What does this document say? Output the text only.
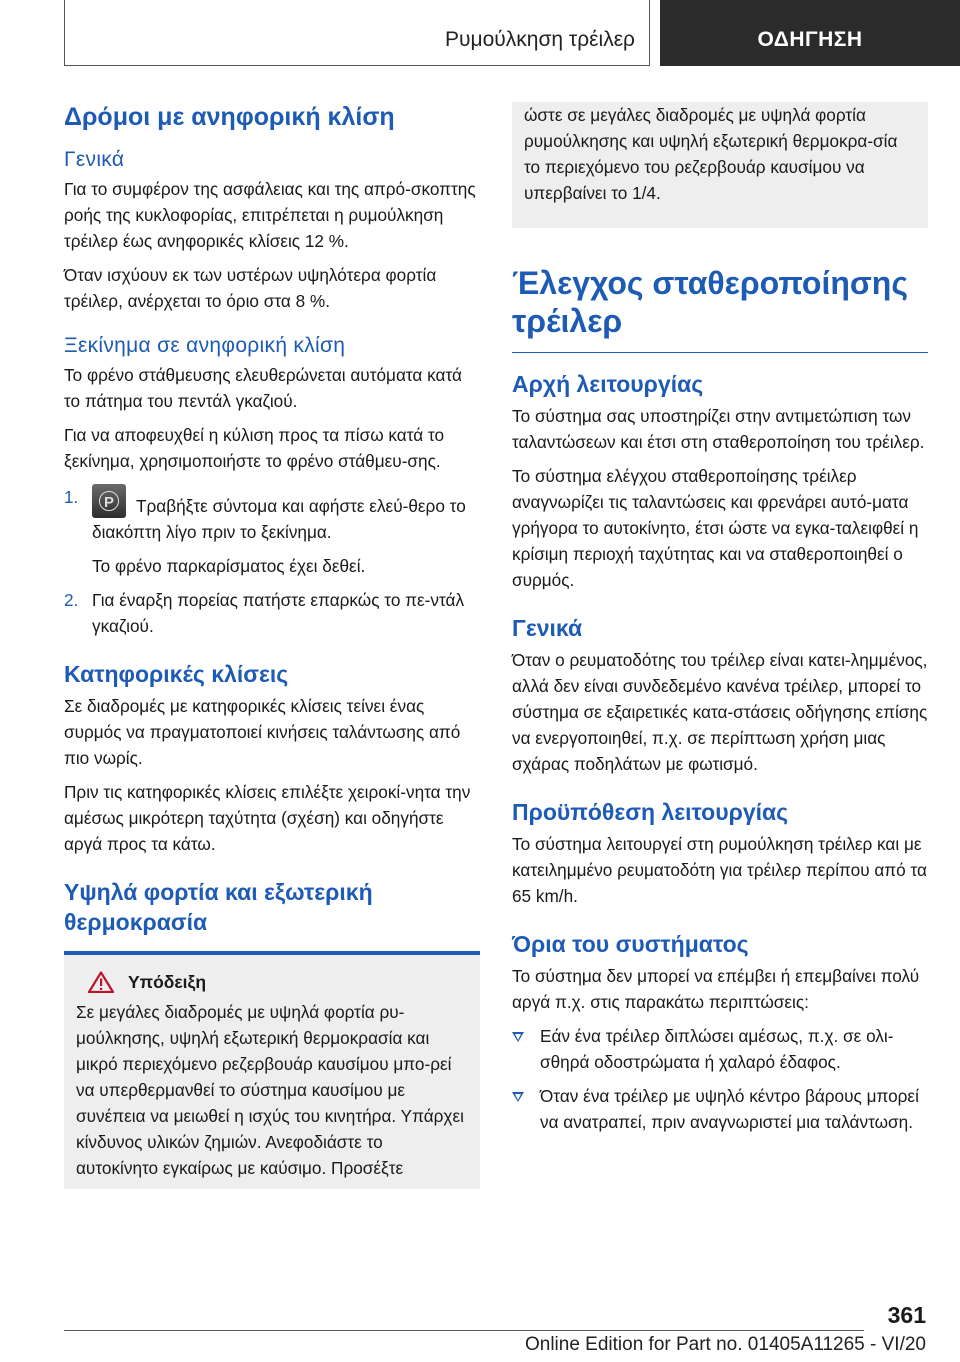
Ρυμούλκηση τρέιλερ	ΟΔΗΓΗΣΗ
Δρόμοι με ανηφορική κλίση
Γενικά

Για το συμφέρον της ασφάλειας και της απρό-σκοπτης ροής της κυκλοφορίας, επιτρέπεται η ρυμούλκηση τρέιλερ έως ανηφορικές κλίσεις 12 %.

Όταν ισχύουν εκ των υστέρων υψηλότερα φορτία τρέιλερ, ανέρχεται το όριο στα 8 %.

Ξεκίνημα σε ανηφορική κλίση

Το φρένο στάθμευσης ελευθερώνεται αυτόματα κατά το πάτημα του πεντάλ γκαζιού.

Για να αποφευχθεί η κύλιση προς τα πίσω κατά το ξεκίνημα, χρησιμοποιήστε το φρένο στάθμευ-σης.

1.
P	Τραβήξτε σύντομα και αφήστε ελεύ-θερο το διακόπτη λίγο πριν το ξεκίνημα.
Το φρένο παρκαρίσματος έχει δεθεί.
2. Για έναρξη πορείας πατήστε επαρκώς το πε-ντάλ γκαζιού.
Κατηφορικές κλίσεις

Σε διαδρομές με κατηφορικές κλίσεις τείνει ένας συρμός να πραγματοποιεί κινήσεις ταλάντωσης από πιο νωρίς.

Πριν τις κατηφορικές κλίσεις επιλέξτε χειροκί-νητα την αμέσως μικρότερη ταχύτητα (σχέση) και οδηγήστε αργά προς τα κάτω.

Υψηλά φορτία και εξωτερική θερμοκρασία
Υπόδειξη

Σε μεγάλες διαδρομές με υψηλά φορτία ρυ-μούλκησης, υψηλή εξωτερική θερμοκρασία και μικρό περιεχόμενο ρεζερβουάρ καυσίμου μπο-ρεί να υπερθερμανθεί το σύστημα καυσίμου με συνέπεια να μειωθεί η ισχύς του κινητήρα. Υπάρχει κίνδυνος υλικών ζημιών. Ανεφοδιάστε το αυτοκίνητο εγκαίρως με καύσιμο. Προσέξτε

ώστε σε μεγάλες διαδρομές με υψηλά φορτία ρυμούλκησης και υψηλή εξωτερική θερμοκρα-σία το περιεχόμενο του ρεζερβουάρ καυσίμου να υπερβαίνει το 1/4.

Έλεγχος σταθεροποίησης τρέιλερ
Αρχή λειτουργίας

Το σύστημα σας υποστηρίζει στην αντιμετώπιση των ταλαντώσεων και έτσι στη σταθεροποίηση του τρέιλερ.

Το σύστημα ελέγχου σταθεροποίησης τρέιλερ αναγνωρίζει τις ταλαντώσεις και φρενάρει αυτό-ματα γρήγορα το αυτοκίνητο, έτσι ώστε να εγκα-ταλειφθεί η κρίσιμη περιοχή ταχύτητας και να σταθεροποιηθεί ο συρμός.

Γενικά

Όταν ο ρευματοδότης του τρέιλερ είναι κατει-λημμένος, αλλά δεν είναι συνδεδεμένο κανένα τρέιλερ, μπορεί το σύστημα σε εξαιρετικές κατα-στάσεις οδήγησης επίσης να ενεργοποιηθεί, π.χ. σε περίπτωση χρήση μιας σχάρας ποδηλάτων με φωτισμό.

Προϋπόθεση λειτουργίας

Το σύστημα λειτουργεί στη ρυμούλκηση τρέιλερ και με κατειλημμένο ρευματοδότη για τρέιλερ περίπου από τα 65 km/h.

Όρια του συστήματος

Το σύστημα δεν μπορεί να επέμβει ή επεμβαίνει πολύ αργά π.χ. στις παρακάτω περιπτώσεις:

Εάν ένα τρέιλερ διπλώσει αμέσως, π.χ. σε ολι-σθηρά οδοστρώματα ή χαλαρό έδαφος.
Όταν ένα τρέιλερ με υψηλό κέντρο βάρους μπορεί να ανατραπεί, πριν αναγνωριστεί μια ταλάντωση.
361
Online Edition for Part no. 01405A11265 - VI/20
